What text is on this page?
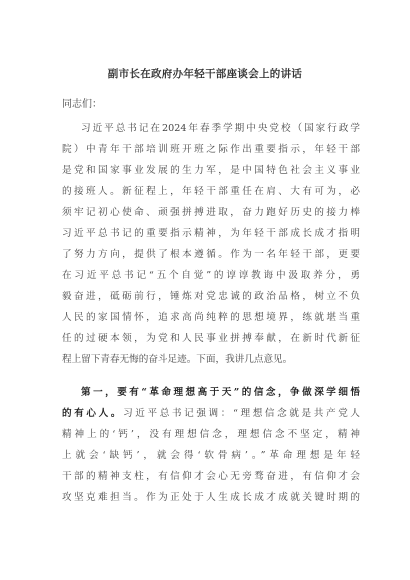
副市长在政府办年轻干部座谈会上的讲话
同志们：
习近平总书记在2024年春季学期中央党校（国家行政学
院）中青年干部培训班开班之际作出重要指示，年轻干部
是党和国家事业发展的生力军，是中国特色社会主义事业
的接班人。新征程上，年轻干部重任在肩、大有可为，必
须牢记初心使命、顽强拼搏进取，奋力跑好历史的接力棒
习近平总书记的重要指示精神，为年轻干部成长成才指明
了努力方向，提供了根本遵循。作为一名年轻干部，更要
在习近平总书记“五个自觉”的谆谆教诲中汲取养分，勇
毅奋进，砥砺前行，锤炼对党忠诚的政治品格，树立不负
人民的家国情怀，追求高尚纯粹的思想境界，练就堪当重
任的过硬本领，为党和人民事业拼搏奉献，在新时代新征
程上留下青春无悔的奋斗足迹。下面，我讲几点意见。
第一，要有“革命理想高于天”的信念，争做深学细悟
的有心人。习近平总书记强调：“理想信念就是共产党人
精神上的‘钙’，没有理想信念，理想信念不坚定，精神
上就会‘缺钙’，就会得‘软骨病’。”革命理想是年轻
干部的精神支柱，有信仰才会心无旁骛奋进，有信仰才会
攻坚克难担当。作为正处于人生成长成才成就关键时期的
